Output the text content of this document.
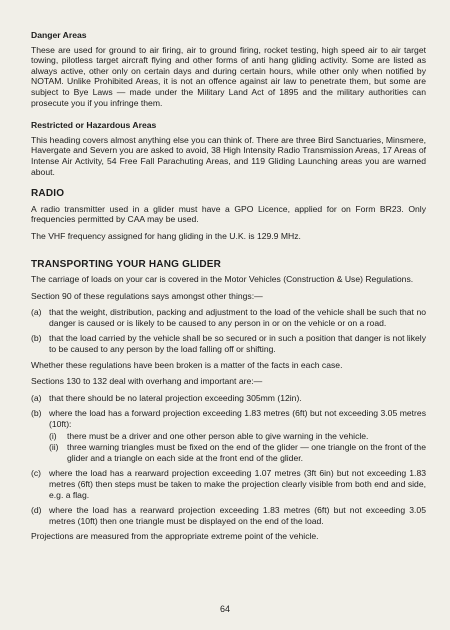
Danger Areas

These are used for ground to air firing, air to ground firing, rocket testing, high speed air to air target towing, pilotless target aircraft flying and other forms of anti hang gliding activity. Some are listed as always active, other only on certain days and during certain hours, while other only when notified by NOTAM. Unlike Prohibited Areas, it is not an offence against air law to penetrate them, but some are subject to Bye Laws — made under the Military Land Act of 1895 and the military authorities can prosecute you if you infringe them.

Restricted or Hazardous Areas

This heading covers almost anything else you can think of. There are three Bird Sanctuaries, Minsmere, Havergate and Severn you are asked to avoid, 38 High Intensity Radio Transmission Areas, 17 Areas of Intense Air Activity, 54 Free Fall Parachuting Areas, and 119 Gliding Launching areas you are warned about.

RADIO

A radio transmitter used in a glider must have a GPO Licence, applied for on Form BR23. Only frequencies permitted by CAA may be used.

The VHF frequency assigned for hang gliding in the U.K. is 129.9 MHz.

TRANSPORTING YOUR HANG GLIDER

The carriage of loads on your car is covered in the Motor Vehicles (Construction & Use) Regulations.

Section 90 of these regulations says amongst other things:—

(a) that the weight, distribution, packing and adjustment to the load of the vehicle shall be such that no danger is caused or is likely to be caused to any person in or on the vehicle or on a road.
(b) that the load carried by the vehicle shall be so secured or in such a position that danger is not likely to be caused to any person by the load falling off or shifting.

Whether these regulations have been broken is a matter of the facts in each case.

Sections 130 to 132 deal with overhang and important are:—

(a) that there should be no lateral projection exceeding 305mm (12in).
(b) where the load has a forward projection exceeding 1.83 metres (6ft) but not exceeding 3.05 metres (10ft):
(i)	there must be a driver and one other person able to give warning in the vehicle.
(ii) three warning triangles must be fixed on the end of the glider — one triangle on the front of the glider and a triangle on each side at the front end of the glider.
(c) where the load has a rearward projection exceeding 1.07 metres (3ft 6in) but not exceeding 1.83 metres (6ft) then steps must be taken to make the projection clearly visible from both end and side, e.g. a flag.
(d) where the load has a rearward projection exceeding 1.83 metres (6ft) but not exceeding 3.05 metres (10ft) then one triangle must be displayed on the end of the load.

Projections are measured from the appropriate extreme point of the vehicle.

64
